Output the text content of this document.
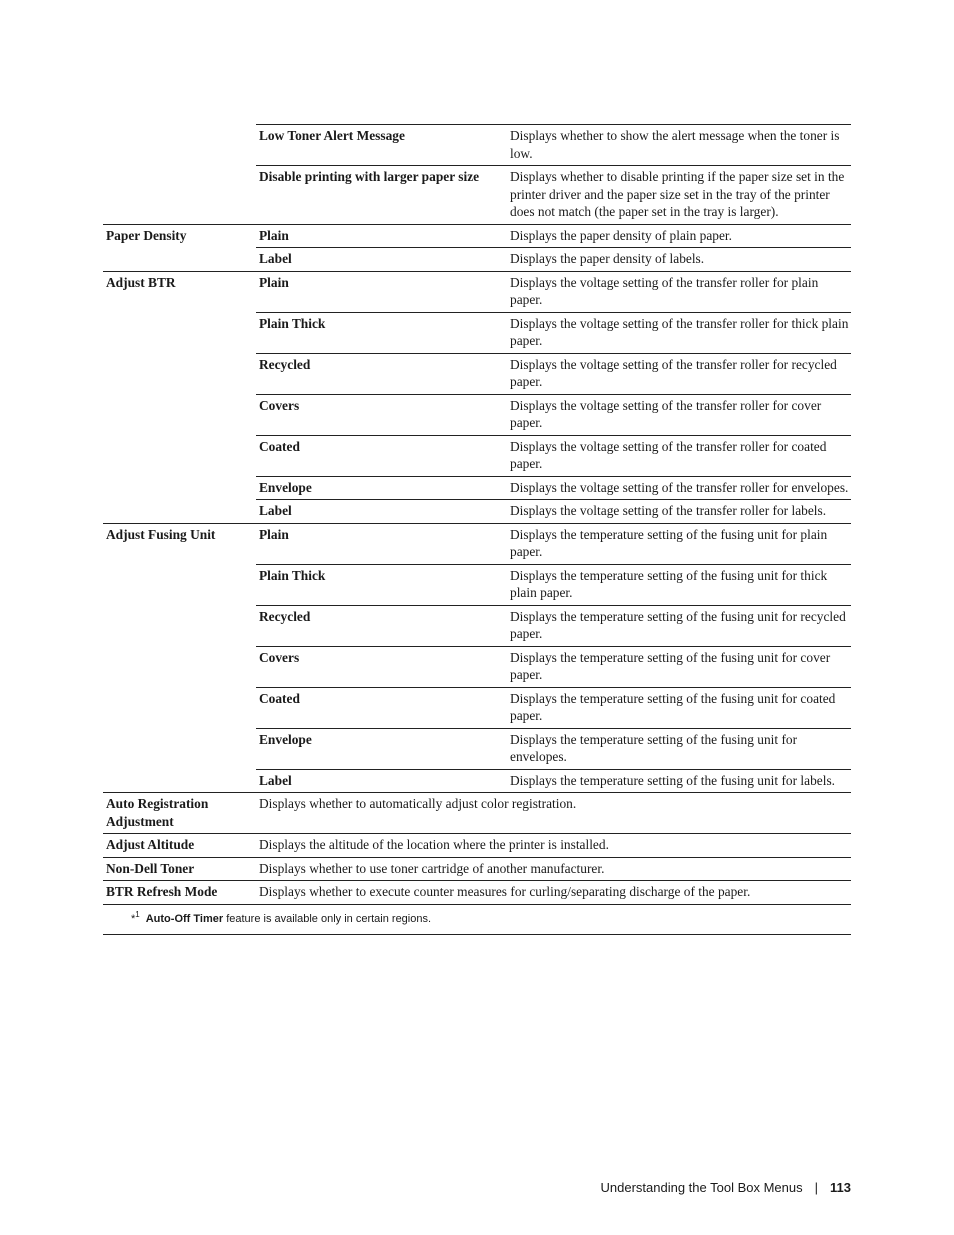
	Low Toner Alert Message	Displays whether to show the alert message when the toner is low.
	Disable printing with larger paper size	Displays whether to disable printing if the paper size set in the printer driver and the paper size set in the tray of the printer does not match (the paper set in the tray is larger).
Paper Density	Plain	Displays the paper density of plain paper.
	Label	Displays the paper density of labels.
Adjust BTR	Plain	Displays the voltage setting of the transfer roller for plain paper.
	Plain Thick	Displays the voltage setting of the transfer roller for thick plain paper.
	Recycled	Displays the voltage setting of the transfer roller for recycled paper.
	Covers	Displays the voltage setting of the transfer roller for cover paper.
	Coated	Displays the voltage setting of the transfer roller for coated paper.
	Envelope	Displays the voltage setting of the transfer roller for envelopes.
	Label	Displays the voltage setting of the transfer roller for labels.
Adjust Fusing Unit	Plain	Displays the temperature setting of the fusing unit for plain paper.
	Plain Thick	Displays the temperature setting of the fusing unit for thick plain paper.
	Recycled	Displays the temperature setting of the fusing unit for recycled paper.
	Covers	Displays the temperature setting of the fusing unit for cover paper.
	Coated	Displays the temperature setting of the fusing unit for coated paper.
	Envelope	Displays the temperature setting of the fusing unit for envelopes.
	Label	Displays the temperature setting of the fusing unit for labels.
Auto Registration Adjustment	Displays whether to automatically adjust color registration.	
Adjust Altitude	Displays the altitude of the location where the printer is installed.	
Non-Dell Toner	Displays whether to use toner cartridge of another manufacturer.	
BTR Refresh Mode	Displays whether to execute counter measures for curling/separating discharge of the paper.	
*$^1$ Auto-Off Timer feature is available only in certain regions.		
Understanding the Tool Box Menus | 113
